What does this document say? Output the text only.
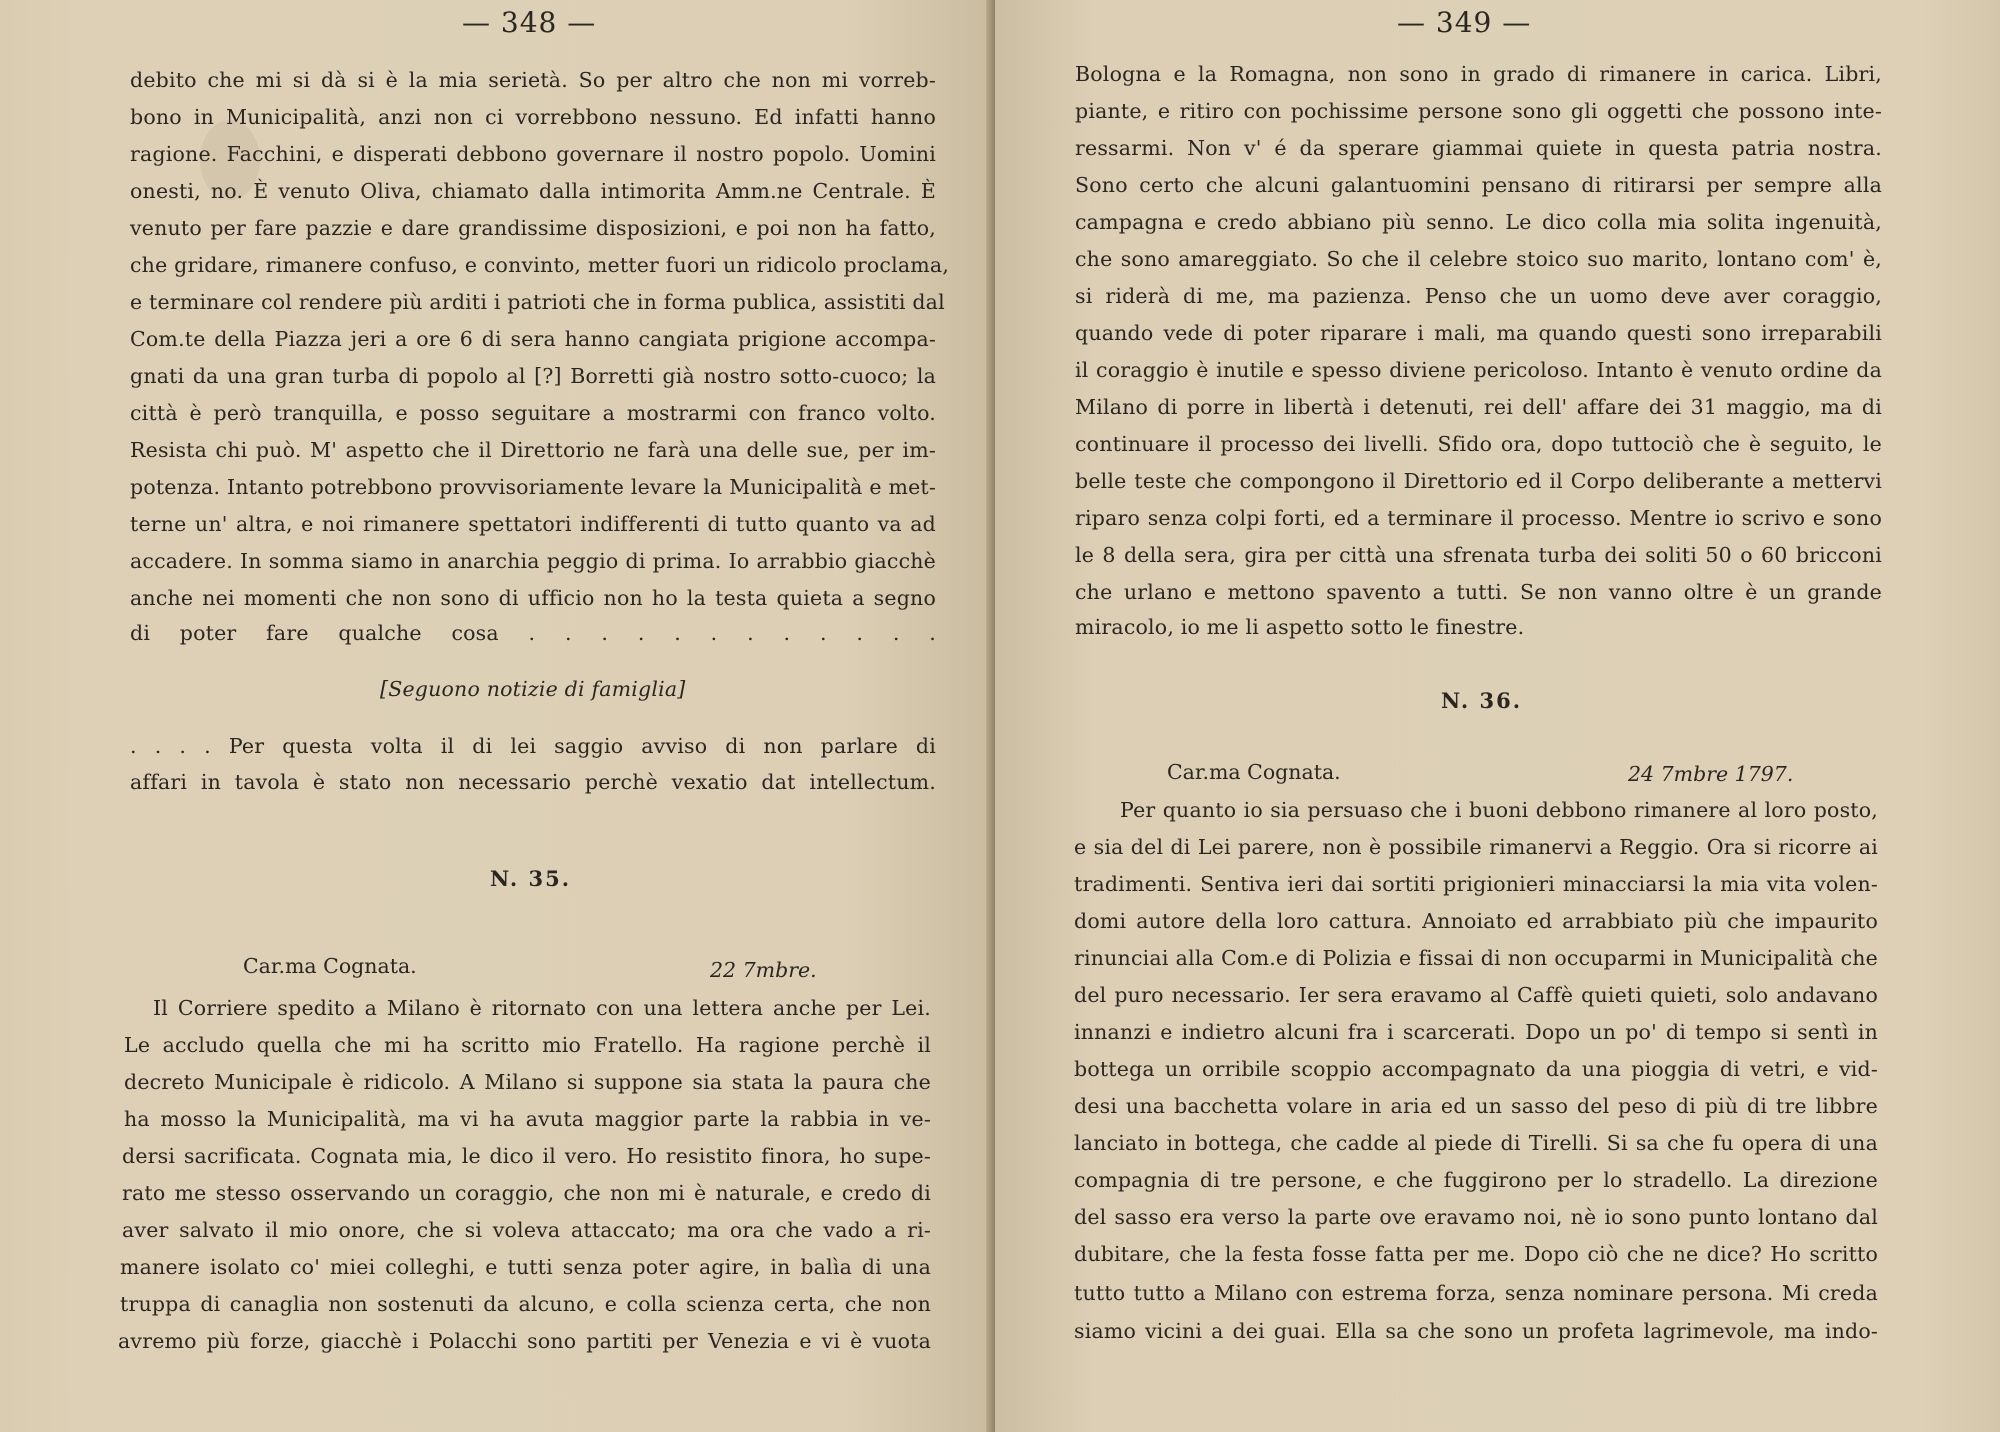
— 348 —
debito che mi si dà si è la mia serietà. So per altro che non mi vorreb-
bono in Municipalità, anzi non ci vorrebbono nessuno. Ed infatti hanno
ragione. Facchini, e disperati debbono governare il nostro popolo. Uomini
onesti, no. È venuto Oliva, chiamato dalla intimorita Amm.ne Centrale. È
venuto per fare pazzie e dare grandissime disposizioni, e poi non ha fatto,
che gridare, rimanere confuso, e convinto, metter fuori un ridicolo proclama,
e terminare col rendere più arditi i patrioti che in forma publica, assistiti dal
Com.te della Piazza jeri a ore 6 di sera hanno cangiata prigione accompa-
gnati da una gran turba di popolo al [?] Borretti già nostro sotto-cuoco; la
città è però tranquilla, e posso seguitare a mostrarmi con franco volto.
Resista chi può. M' aspetto che il Direttorio ne farà una delle sue, per im-
potenza. Intanto potrebbono provvisoriamente levare la Municipalità e met-
terne un' altra, e noi rimanere spettatori indifferenti di tutto quanto va ad
accadere. In somma siamo in anarchia peggio di prima. Io arrabbio giacchè
anche nei momenti che non sono di ufficio non ho la testa quieta a segno
di poter fare qualche cosa . . . . . . . . . . . .
[Seguono notizie di famiglia]
. . . . Per questa volta il di lei saggio avviso di non parlare di
affari in tavola è stato non necessario perchè vexatio dat intellectum.
N. 35.
Car.ma Cognata.	22 7mbre.
Il Corriere spedito a Milano è ritornato con una lettera anche per Lei.
Le accludo quella che mi ha scritto mio Fratello. Ha ragione perchè il
decreto Municipale è ridicolo. A Milano si suppone sia stata la paura che
ha mosso la Municipalità, ma vi ha avuta maggior parte la rabbia in ve-
dersi sacrificata. Cognata mia, le dico il vero. Ho resistito finora, ho supe-
rato me stesso osservando un coraggio, che non mi è naturale, e credo di
aver salvato il mio onore, che si voleva attaccato; ma ora che vado a ri-
manere isolato co' miei colleghi, e tutti senza poter agire, in balìa di una
truppa di canaglia non sostenuti da alcuno, e colla scienza certa, che non
avremo più forze, giacchè i Polacchi sono partiti per Venezia e vi è vuota
— 349 —
Bologna e la Romagna, non sono in grado di rimanere in carica. Libri,
piante, e ritiro con pochissime persone sono gli oggetti che possono inte-
ressarmi. Non v' é da sperare giammai quiete in questa patria nostra.
Sono certo che alcuni galantuomini pensano di ritirarsi per sempre alla
campagna e credo abbiano più senno. Le dico colla mia solita ingenuità,
che sono amareggiato. So che il celebre stoico suo marito, lontano com' è,
si riderà di me, ma pazienza. Penso che un uomo deve aver coraggio,
quando vede di poter riparare i mali, ma quando questi sono irreparabili
il coraggio è inutile e spesso diviene pericoloso. Intanto è venuto ordine da
Milano di porre in libertà i detenuti, rei dell' affare dei 31 maggio, ma di
continuare il processo dei livelli. Sfido ora, dopo tuttociò che è seguito, le
belle teste che compongono il Direttorio ed il Corpo deliberante a mettervi
riparo senza colpi forti, ed a terminare il processo. Mentre io scrivo e sono
le 8 della sera, gira per città una sfrenata turba dei soliti 50 o 60 bricconi
che urlano e mettono spavento a tutti. Se non vanno oltre è un grande
miracolo, io me li aspetto sotto le finestre.
N. 36.
Car.ma Cognata.	24 7mbre 1797.
Per quanto io sia persuaso che i buoni debbono rimanere al loro posto,
e sia del di Lei parere, non è possibile rimanervi a Reggio. Ora si ricorre ai
tradimenti. Sentiva ieri dai sortiti prigionieri minacciarsi la mia vita volen-
domi autore della loro cattura. Annoiato ed arrabbiato più che impaurito
rinunciai alla Com.e di Polizia e fissai di non occuparmi in Municipalità che
del puro necessario. Ier sera eravamo al Caffè quieti quieti, solo andavano
innanzi e indietro alcuni fra i scarcerati. Dopo un po' di tempo si sentì in
bottega un orribile scoppio accompagnato da una pioggia di vetri, e vid-
desi una bacchetta volare in aria ed un sasso del peso di più di tre libbre
lanciato in bottega, che cadde al piede di Tirelli. Si sa che fu opera di una
compagnia di tre persone, e che fuggirono per lo stradello. La direzione
del sasso era verso la parte ove eravamo noi, nè io sono punto lontano dal
dubitare, che la festa fosse fatta per me. Dopo ciò che ne dice? Ho scritto
tutto tutto a Milano con estrema forza, senza nominare persona. Mi creda
siamo vicini a dei guai. Ella sa che sono un profeta lagrimevole, ma indo-
